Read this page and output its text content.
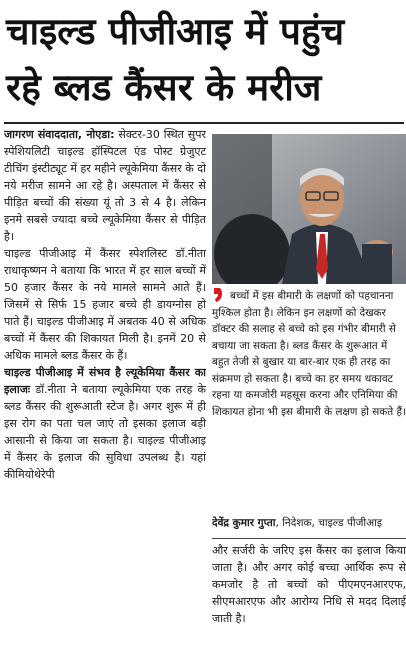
चाइल्ड पीजीआइ में पहुंच
रहे ब्लड कैंसर के मरीज

जागरण संवाददाता, नोएडा: सेक्टर-30 स्थित सुपर स्पेशियलिटी चाइल्ड हॉस्पिटल एंड पोस्ट ग्रेजुएट टीचिंग इंस्टीट्यूट में हर महीने ल्यूकेमिया कैंसर के दो नये मरीज सामने आ रहे है। अस्पताल में कैंसर से पीड़ित बच्चों की संख्या यूं तो 3 से 4 है। लेकिन इनमे सबसे ज्यादा बच्चे ल्यूकेमिया कैंसर से पीड़ित है।

चाइल्ड पीजीआइ में कैंसर स्पेशलिस्ट डॉ.नीता राधाकृष्णन ने बताया कि भारत में हर साल बच्चों में 50 हजार कैंसर के नये मामले सामने आते हैं। जिसमें से सिर्फ 15 हजार बच्चे ही डायग्नोस हो पाते हैं। चाइल्ड पीजीआइ में अबतक 40 से अधिक बच्चों में कैंसर की शिकायत मिली है। इनमें 20 से अधिक मामले ब्लड कैंसर के हैं।

चाइल्ड पीजीआइ में संभव है ल्यूकेमिया कैंसर का इलाजः डॉ.नीता ने बताया ल्यूकेमिया एक तरह के ब्लड कैंसर की शुरूआती स्टेज है। अगर शुरू में ही इस रोग का पता चल जाएं तो इसका इलाज बड़ी आसानी से किया जा सकता है। चाइल्ड पीजीआइ में कैंसर के इलाज की सुविधा उपलब्ध है। यहां कीमियोथेरेपी

बच्चों में इस बीमारी के लक्षणों को पहचानना मुश्किल होता है। लेकिन इन लक्षणों को देखकर डॉक्टर की सलाह से बच्चे को इस गंभीर बीमारी से बचाया जा सकता है। ब्लड कैंसर के शुरूआत में बहुत तेजी से बुखार या बार-बार एक ही तरह का संक्रमण हो सकता है। बच्चे का हर समय थकावट रहना या कमजोरी महसूस करना और एनिमिया की शिकायत होना भी इस बीमारी के लक्षण हो सकते हैं।

देवेंद्र कुमार गुप्ता, निदेशक, चाइल्ड पीजीआइ

और सर्जरी के जरिए इस कैंसर का इलाज किया जाता है। और अगर कोई बच्चा आर्थिक रूप से कमजोर है तो बच्चों को पीएमएनआरएफ, सीएमआरएफ और आरोग्य निधि से मदद दिलाई जाती है।
